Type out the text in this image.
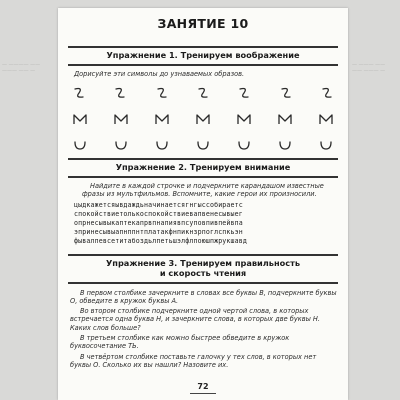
— ———— ——
——— —— —
— ——— ——
—— ——— —
ЗАНЯТИЕ 10
Упражнение 1. Тренируем воображение
Дорисуйте эти символы до узнаваемых образов.
Упражнение 2. Тренируем внимание
Найдите в каждой строчке и подчеркните карандашом известные фразы из мультфильмов. Вспомните, какие герои их произносили.
цыдкажетсяывдаждьначинаетсягнгыссобираетс
спокойствиетолькоспокойствиевапвенесывыег
опрнесывыкаптекапрвпнапиявпсуповпивпейвпа
эпринесывыапнппнтплатакфнпикнзрпоглспкьэн
фывалпевсетитабоздьлпетьшэлфлпоюшпжрукшавд
Упражнение 3. Тренируем правильность
и скорость чтения

В первом столбике зачеркните в словах все буквы В, подчеркните буквы О, обведите в кружок буквы А.

Во втором столбике подчеркните одной чертой слова, в которых встречается одна буква Н, и зачеркните слова, в которых две буквы Н. Каких слов больше?

В третьем столбике как можно быстрее обведите в кружок буквосочетание ТЬ.

В четвёртом столбике поставьте галочку у тех слов, в которых нет буквы О. Сколько их вы нашли? Назовите их.

72
